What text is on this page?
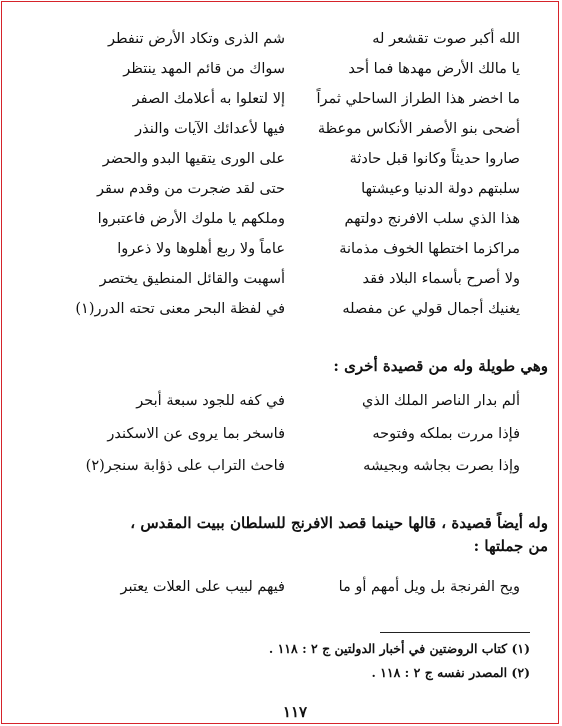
الله أكبر صوت تقشعر له
شم الذرى وتكاد الأرض تنفطر
يا مالك الأرض مهدها فما أحد
سواك من قائم المهد ينتظر
ما اخضر هذا الطراز الساحلي ثمراً
إلا لتعلوا به أعلامك الصفر
أضحى بنو الأصفر الأنكاس موعظة
فيها لأعدائك الآيات والنذر
صاروا حديثاً وكانوا قبل حادثة
على الورى يتقيها البدو والحضر
سلبتهم دولة الدنيا وعيشتها
حتى لقد ضجرت من وقدم سقر
هذا الذي سلب الافرنج دولتهم
وملكهم يا ملوك الأرض فاعتبروا
مراكزما اختطها الخوف مذمانة
عاماً ولا ربع أهلوها ولا ذعروا
ولا أصرح بأسماء البلاد فقد
أسهبت والقائل المنطيق يختصر
يغنيك أجمال قولي عن مفصله
في لفظة البحر معنى تحته الدرر(١)
وهي طويلة وله من قصيدة أخرى :
ألم بدار الناصر الملك الذي
في كفه للجود سبعة أبحر
فإذا مررت بملكه وفتوحه
فاسخر بما يروى عن الاسكندر
وإذا بصرت بجاشه وبجيشه
فاحث التراب على ذؤابة سنجر(٢)
وله أيضاً قصيدة ، قالها حينما قصد الافرنج للسلطان ببيت المقدس ،
من جملتها :
ويح الفرنجة بل ويل أمهم أو ما
فيهم لبيب على العلات يعتبر
(١) كتاب الروضتين في أخبار الدولتين ج ٢ : ١١٨ .
(٢) المصدر نفسه ج ٢ : ١١٨ .
١١٧
